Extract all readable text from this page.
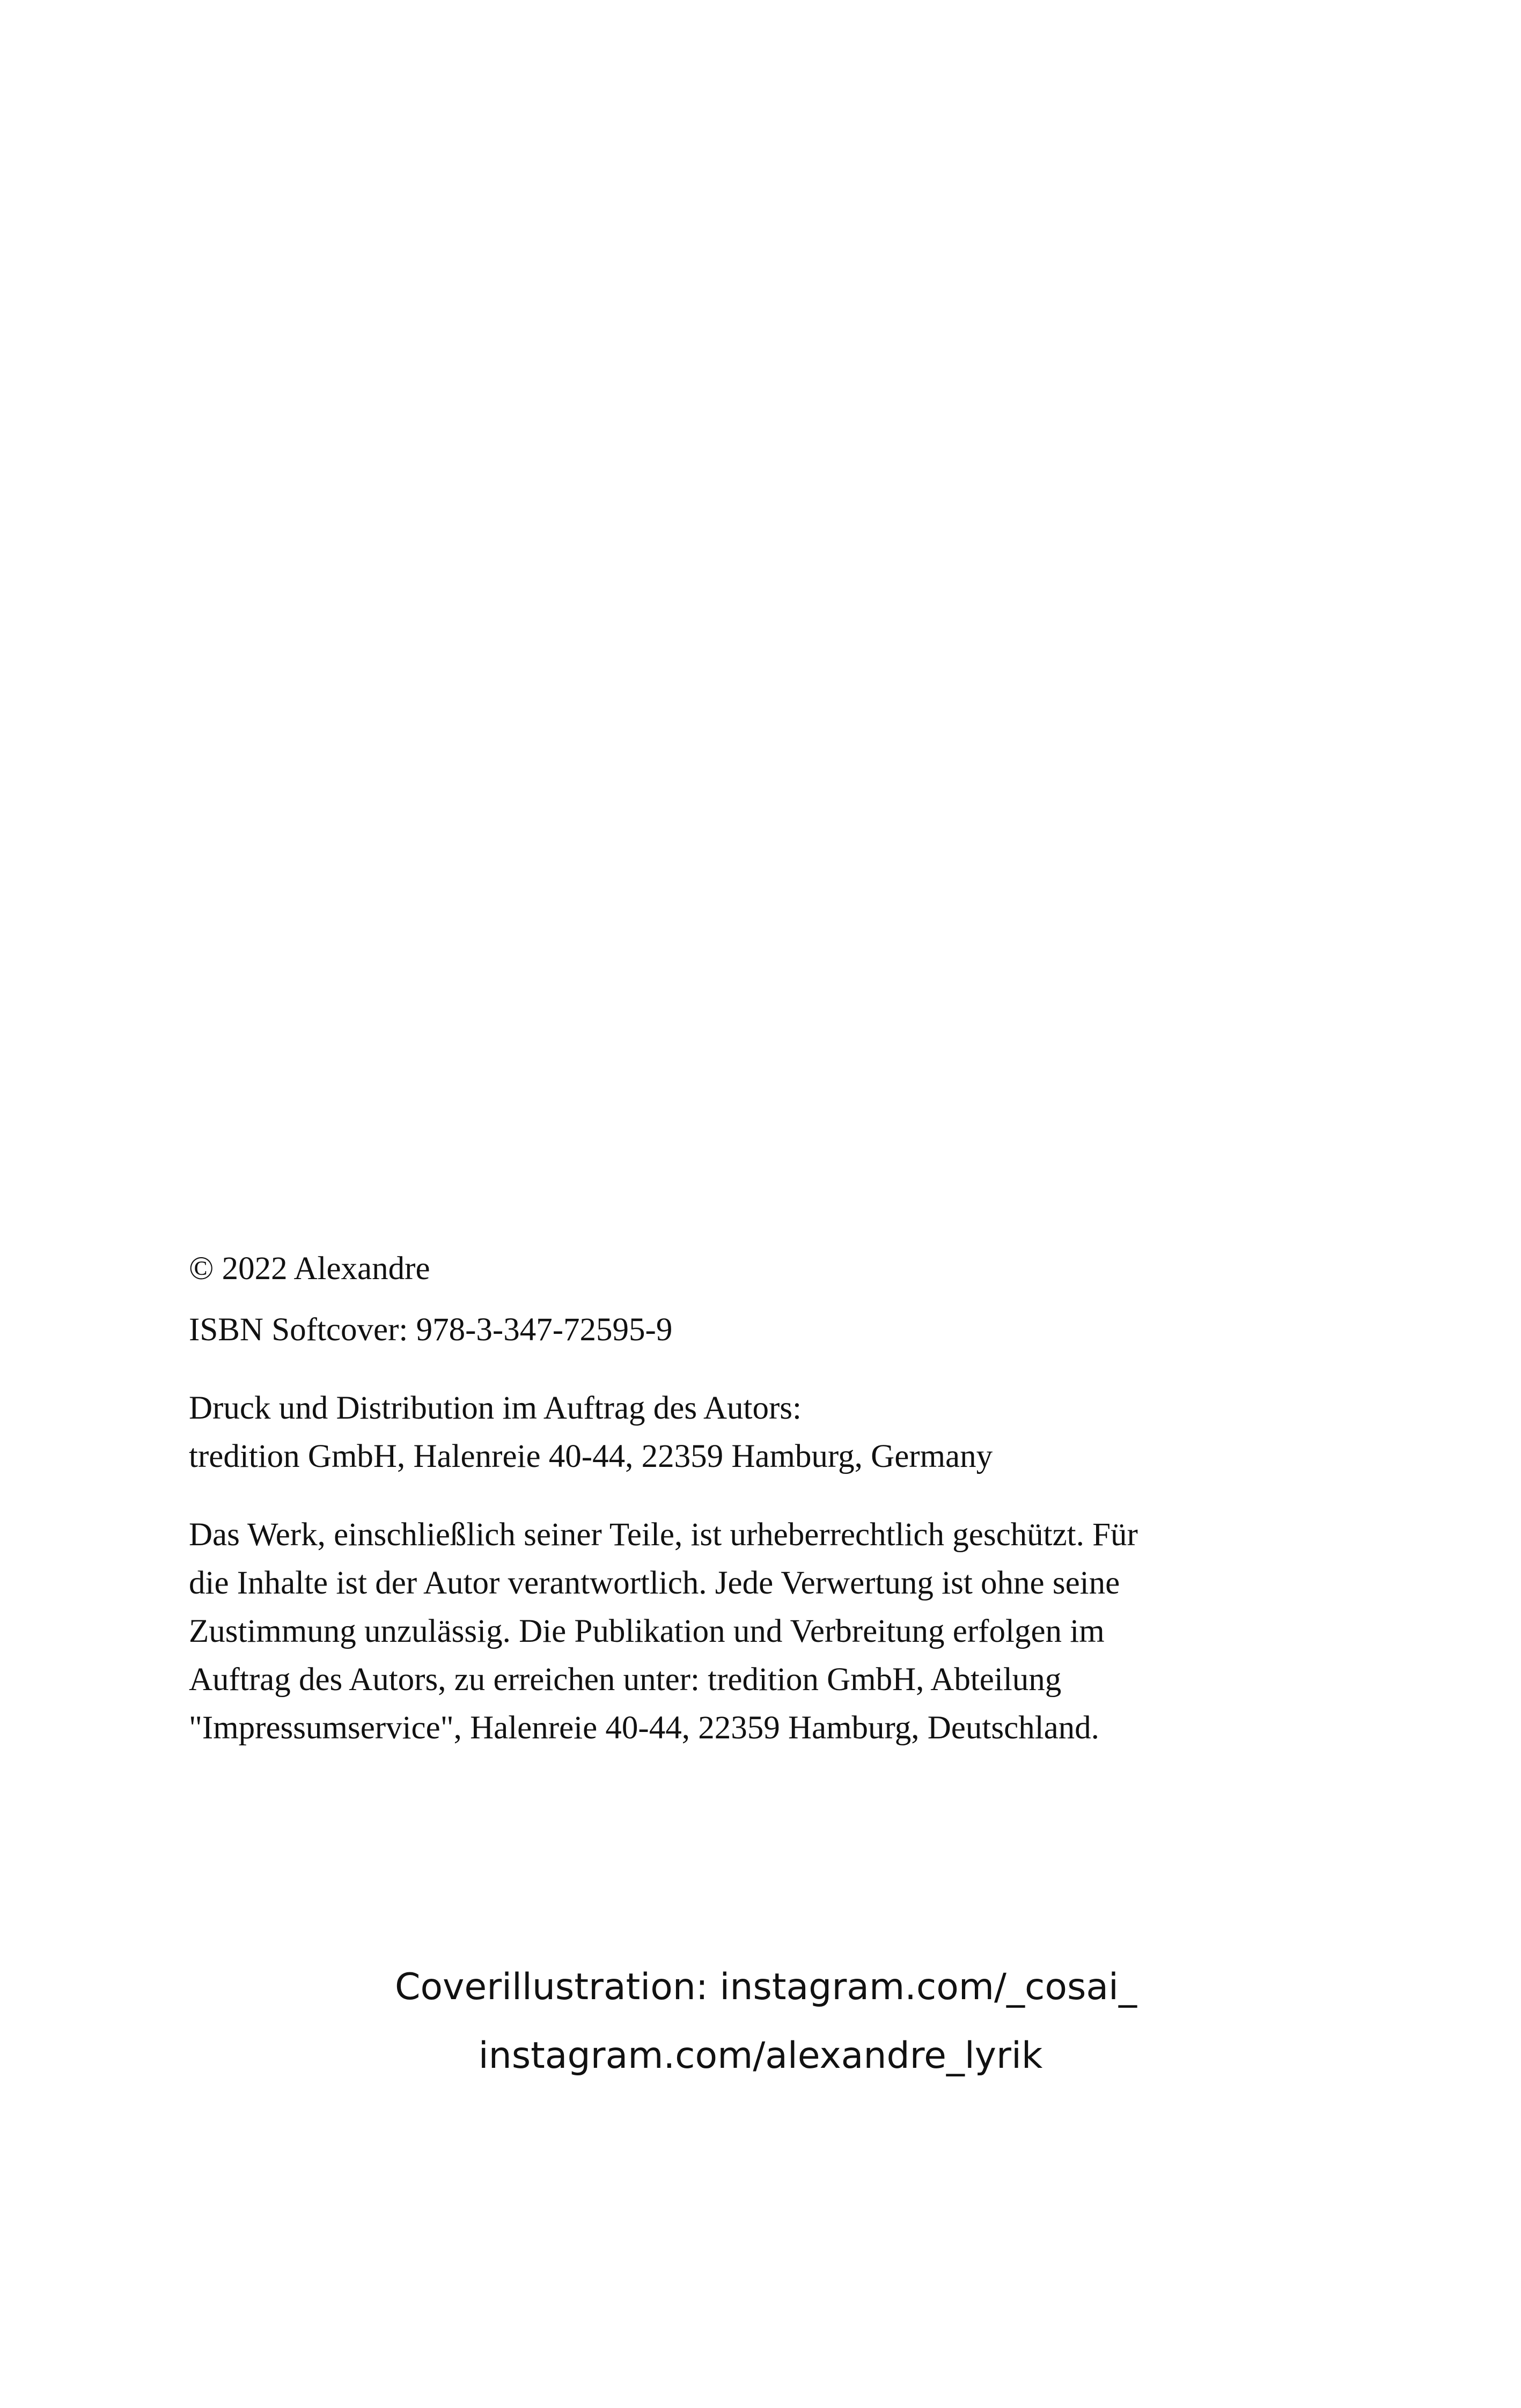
© 2022 Alexandre

ISBN Softcover: 978-3-347-72595-9

Druck und Distribution im Auftrag des Autors:

tredition GmbH, Halenreie 40-44, 22359 Hamburg, Germany

Das Werk, einschließlich seiner Teile, ist urheberrechtlich geschützt. Für

die Inhalte ist der Autor verantwortlich. Jede Verwertung ist ohne seine

Zustimmung unzulässig. Die Publikation und Verbreitung erfolgen im

Auftrag des Autors, zu erreichen unter: tredition GmbH, Abteilung

"Impressumservice", Halenreie 40-44, 22359 Hamburg, Deutschland.

Coverillustration: instagram.com/_cosai_

instagram.com/alexandre_lyrik
